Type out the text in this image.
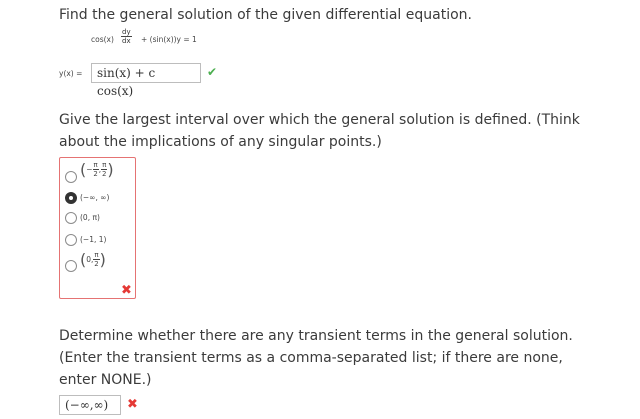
Find the general solution of the given differential equation.
$\cos(x) \frac{dy}{dx} + (\sin(x))y = 1$
y(x) =	sin(x) + c cos(x)
✔
Give the largest interval over which the general solution is defined. (Think
about the implications of any singular points.)
(− $\frac{\pi}{2}$ , $\frac{\pi}{2}$ )
(−∞, ∞)
(0, π)
(−1, 1)
(0, $\frac{\pi}{2}$ )
✖
Determine whether there are any transient terms in the general solution.
(Enter the transient terms as a comma-separated list; if there are none,
enter NONE.)
(−∞,∞)	✖
